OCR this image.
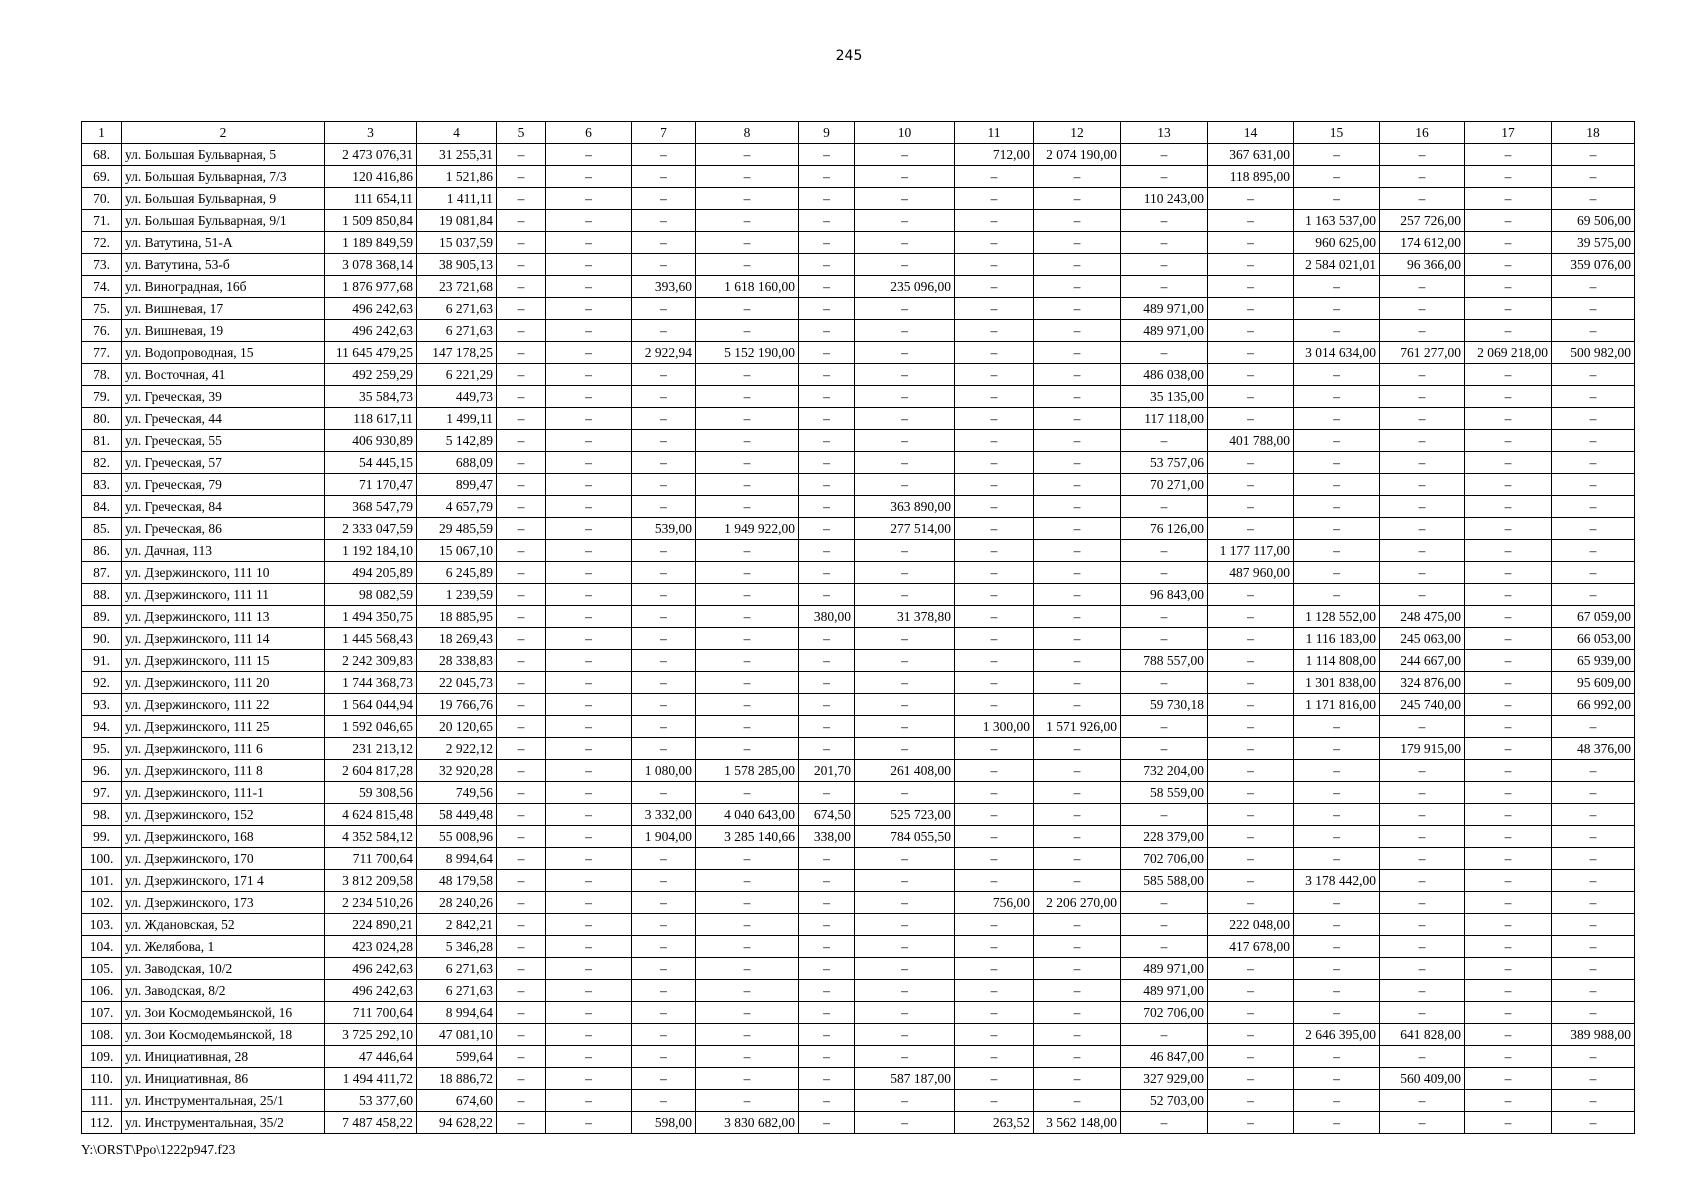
245
1	2	3	4	5	6	7	8	9	10	11	12	13	14	15	16	17	18
68.	ул. Большая Бульварная, 5	2 473 076,31	31 255,31	–	–	–	–	–	–	712,00	2 074 190,00	–	367 631,00	–	–	–	–
69.	ул. Большая Бульварная, 7/3	120 416,86	1 521,86	–	–	–	–	–	–	–	–	–	118 895,00	–	–	–	–
70.	ул. Большая Бульварная, 9	111 654,11	1 411,11	–	–	–	–	–	–	–	–	110 243,00	–	–	–	–	–
71.	ул. Большая Бульварная, 9/1	1 509 850,84	19 081,84	–	–	–	–	–	–	–	–	–	–	1 163 537,00	257 726,00	–	69 506,00
72.	ул. Ватутина, 51-А	1 189 849,59	15 037,59	–	–	–	–	–	–	–	–	–	–	960 625,00	174 612,00	–	39 575,00
73.	ул. Ватутина, 53-б	3 078 368,14	38 905,13	–	–	–	–	–	–	–	–	–	–	2 584 021,01	96 366,00	–	359 076,00
74.	ул. Виноградная, 16б	1 876 977,68	23 721,68	–	–	393,60	1 618 160,00	–	235 096,00	–	–	–	–	–	–	–	–
75.	ул. Вишневая, 17	496 242,63	6 271,63	–	–	–	–	–	–	–	–	489 971,00	–	–	–	–	–
76.	ул. Вишневая, 19	496 242,63	6 271,63	–	–	–	–	–	–	–	–	489 971,00	–	–	–	–	–
77.	ул. Водопроводная, 15	11 645 479,25	147 178,25	–	–	2 922,94	5 152 190,00	–	–	–	–	–	–	3 014 634,00	761 277,00	2 069 218,00	500 982,00
78.	ул. Восточная, 41	492 259,29	6 221,29	–	–	–	–	–	–	–	–	486 038,00	–	–	–	–	–
79.	ул. Греческая, 39	35 584,73	449,73	–	–	–	–	–	–	–	–	35 135,00	–	–	–	–	–
80.	ул. Греческая, 44	118 617,11	1 499,11	–	–	–	–	–	–	–	–	117 118,00	–	–	–	–	–
81.	ул. Греческая, 55	406 930,89	5 142,89	–	–	–	–	–	–	–	–	–	401 788,00	–	–	–	–
82.	ул. Греческая, 57	54 445,15	688,09	–	–	–	–	–	–	–	–	53 757,06	–	–	–	–	–
83.	ул. Греческая, 79	71 170,47	899,47	–	–	–	–	–	–	–	–	70 271,00	–	–	–	–	–
84.	ул. Греческая, 84	368 547,79	4 657,79	–	–	–	–	–	363 890,00	–	–	–	–	–	–	–	–
85.	ул. Греческая, 86	2 333 047,59	29 485,59	–	–	539,00	1 949 922,00	–	277 514,00	–	–	76 126,00	–	–	–	–	–
86.	ул. Дачная, 113	1 192 184,10	15 067,10	–	–	–	–	–	–	–	–	–	1 177 117,00	–	–	–	–
87.	ул. Дзержинского, 111 10	494 205,89	6 245,89	–	–	–	–	–	–	–	–	–	487 960,00	–	–	–	–
88.	ул. Дзержинского, 111 11	98 082,59	1 239,59	–	–	–	–	–	–	–	–	96 843,00	–	–	–	–	–
89.	ул. Дзержинского, 111 13	1 494 350,75	18 885,95	–	–	–	–	380,00	31 378,80	–	–	–	–	1 128 552,00	248 475,00	–	67 059,00
90.	ул. Дзержинского, 111 14	1 445 568,43	18 269,43	–	–	–	–	–	–	–	–	–	–	1 116 183,00	245 063,00	–	66 053,00
91.	ул. Дзержинского, 111 15	2 242 309,83	28 338,83	–	–	–	–	–	–	–	–	788 557,00	–	1 114 808,00	244 667,00	–	65 939,00
92.	ул. Дзержинского, 111 20	1 744 368,73	22 045,73	–	–	–	–	–	–	–	–	–	–	1 301 838,00	324 876,00	–	95 609,00
93.	ул. Дзержинского, 111 22	1 564 044,94	19 766,76	–	–	–	–	–	–	–	–	59 730,18	–	1 171 816,00	245 740,00	–	66 992,00
94.	ул. Дзержинского, 111 25	1 592 046,65	20 120,65	–	–	–	–	–	–	1 300,00	1 571 926,00	–	–	–	–	–	–
95.	ул. Дзержинского, 111 6	231 213,12	2 922,12	–	–	–	–	–	–	–	–	–	–	–	179 915,00	–	48 376,00
96.	ул. Дзержинского, 111 8	2 604 817,28	32 920,28	–	–	1 080,00	1 578 285,00	201,70	261 408,00	–	–	732 204,00	–	–	–	–	–
97.	ул. Дзержинского, 111-1	59 308,56	749,56	–	–	–	–	–	–	–	–	58 559,00	–	–	–	–	–
98.	ул. Дзержинского, 152	4 624 815,48	58 449,48	–	–	3 332,00	4 040 643,00	674,50	525 723,00	–	–	–	–	–	–	–	–
99.	ул. Дзержинского, 168	4 352 584,12	55 008,96	–	–	1 904,00	3 285 140,66	338,00	784 055,50	–	–	228 379,00	–	–	–	–	–
100.	ул. Дзержинского, 170	711 700,64	8 994,64	–	–	–	–	–	–	–	–	702 706,00	–	–	–	–	–
101.	ул. Дзержинского, 171 4	3 812 209,58	48 179,58	–	–	–	–	–	–	–	–	585 588,00	–	3 178 442,00	–	–	–
102.	ул. Дзержинского, 173	2 234 510,26	28 240,26	–	–	–	–	–	–	756,00	2 206 270,00	–	–	–	–	–	–
103.	ул. Ждановская, 52	224 890,21	2 842,21	–	–	–	–	–	–	–	–	–	222 048,00	–	–	–	–
104.	ул. Желябова, 1	423 024,28	5 346,28	–	–	–	–	–	–	–	–	–	417 678,00	–	–	–	–
105.	ул. Заводская, 10/2	496 242,63	6 271,63	–	–	–	–	–	–	–	–	489 971,00	–	–	–	–	–
106.	ул. Заводская, 8/2	496 242,63	6 271,63	–	–	–	–	–	–	–	–	489 971,00	–	–	–	–	–
107.	ул. Зои Космодемьянской, 16	711 700,64	8 994,64	–	–	–	–	–	–	–	–	702 706,00	–	–	–	–	–
108.	ул. Зои Космодемьянской, 18	3 725 292,10	47 081,10	–	–	–	–	–	–	–	–	–	–	2 646 395,00	641 828,00	–	389 988,00
109.	ул. Инициативная, 28	47 446,64	599,64	–	–	–	–	–	–	–	–	46 847,00	–	–	–	–	–
110.	ул. Инициативная, 86	1 494 411,72	18 886,72	–	–	–	–	–	587 187,00	–	–	327 929,00	–	–	560 409,00	–	–
111.	ул. Инструментальная, 25/1	53 377,60	674,60	–	–	–	–	–	–	–	–	52 703,00	–	–	–	–	–
112.	ул. Инструментальная, 35/2	7 487 458,22	94 628,22	–	–	598,00	3 830 682,00	–	–	263,52	3 562 148,00	–	–	–	–	–	–
Y:\ORST\Ppo\1222p947.f23
